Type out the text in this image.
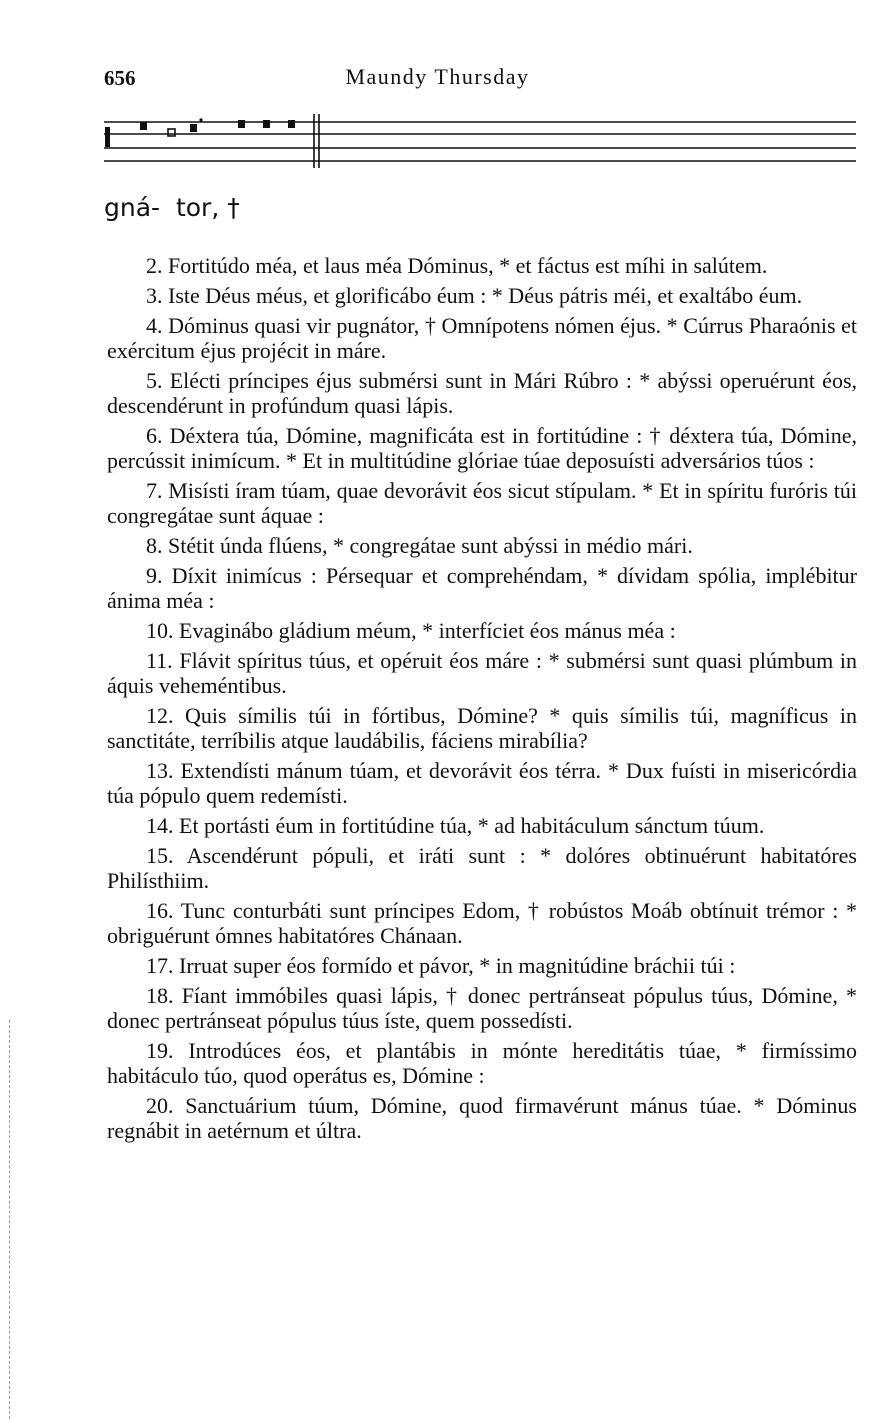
656	Maundy Thursday
gná-  tor, †

2. Fortitúdo méa, et laus méa Dóminus, * et fáctus est míhi in salútem.

3. Iste Déus méus, et glorificábo éum : * Déus pátris méi, et exaltábo éum.

4. Dóminus quasi vir pugnátor, † Omnípotens nómen éjus. * Cúrrus Pharaónis et exércitum éjus projécit in máre.

5. Elécti príncipes éjus submérsi sunt in Mári Rúbro : * abýssi operuérunt éos, descendérunt in profúndum quasi lápis.

6. Déxtera túa, Dómine, magnificáta est in fortitúdine : † déxtera túa, Dómine, percússit inimícum. * Et in multitúdine glóriae túae deposuísti adversários túos :

7. Misísti íram túam, quae devorávit éos sicut stípulam. * Et in spíritu furóris túi congregátae sunt áquae :

8. Stétit únda flúens, * congregátae sunt abýssi in médio mári.

9. Díxit inimícus : Pérsequar et comprehéndam, * dívidam spólia, implébitur ánima méa :

10. Evaginábo gládium méum, * interfíciet éos mánus méa :

11. Flávit spíritus túus, et opéruit éos máre : * submérsi sunt quasi plúmbum in áquis veheméntibus.

12. Quis símilis túi in fórtibus, Dómine? * quis símilis túi, magníficus in sanctitáte, terríbilis atque laudábilis, fáciens mirabília?

13. Extendísti mánum túam, et devorávit éos térra. * Dux fuísti in misericórdia túa pópulo quem redemísti.

14. Et portásti éum in fortitúdine túa, * ad habitáculum sánctum túum.

15. Ascendérunt pópuli, et iráti sunt : * dolóres obtinuérunt habitatóres Philísthiim.

16. Tunc conturbáti sunt príncipes Edom, † robústos Moáb obtínuit trémor : * obriguérunt ómnes habitatóres Chánaan.

17. Irruat super éos formído et pávor, * in magnitúdine bráchii túi :

18. Fíant immóbiles quasi lápis, † donec pertránseat pópulus túus, Dómine, * donec pertránseat pópulus túus íste, quem possedísti.

19. Introdúces éos, et plantábis in mónte hereditátis túae, * firmíssimo habitáculo túo, quod operátus es, Dómine :

20. Sanctuárium túum, Dómine, quod firmavérunt mánus túae. * Dóminus regnábit in aetérnum et últra.
